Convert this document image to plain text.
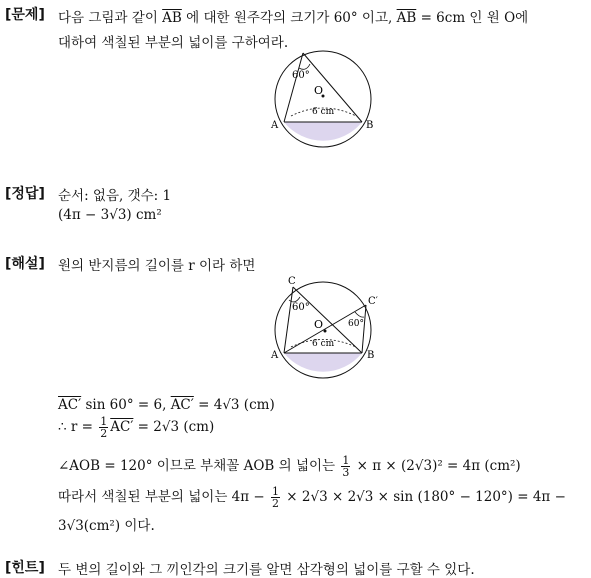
[문제] 다음 그림과 같이 $\overline{AB}$ 에 대한 원주각의 크기가 60° 이고, $\overline{AB} = 6cm$ 인 원 O에
대하여 색칠된 부분의 넓이를 구하여라.
60°
O
6 cm
A	B
[정답] 순서: 없음, 갯수: 1
(4π − 3√3) cm²
[해설] 원의 반지름의 길이를 r 이라 하면
C
C′
60°
60°
O
6 cm
A	B
AC′ sin 60° = 6, AC′ = 4√3 (cm)
∴ $r = \frac{1}{2} AC' = 2√3$ (cm)
∠AOB = 120° 이므로 부채꼴 AOB 의 넓이는 $\frac{1}{3} \times \pi \times (2√3)^2 = 4\pi$ (cm²)
따라서 색칠된 부분의 넓이는 $4\pi - \frac{1}{2} \times 2√3 \times 2√3 \times \sin (180^\circ - 120^\circ) = 4\pi$ −
3√3(cm²) 이다.
[힌트] 두 변의 길이와 그 끼인각의 크기를 알면 삼각형의 넓이를 구할 수 있다.
